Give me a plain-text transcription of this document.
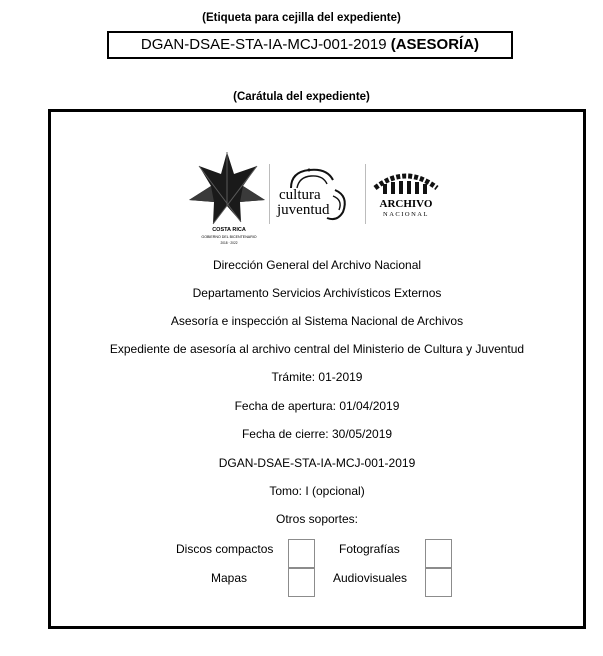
(Etiqueta para cejilla del expediente)
DGAN-DSAE-STA-IA-MCJ-001-2019 (ASESORÍA)
(Carátula del expediente)
COSTA RICA
GOBIERNO DEL BICENTENARIO
2018 · 2022
cultura
juventud	ARCHIVO
NACIONAL
Dirección General del Archivo Nacional
Departamento Servicios Archivísticos Externos
Asesoría e inspección al Sistema Nacional de Archivos
Expediente de asesoría al archivo central del Ministerio de Cultura y Juventud
Trámite: 01-2019
Fecha de apertura: 01/04/2019
Fecha de cierre: 30/05/2019
DGAN-DSAE-STA-IA-MCJ-001-2019
Tomo: I (opcional)
Otros soportes:
Discos compactos	Fotografías
Mapas	Audiovisuales
